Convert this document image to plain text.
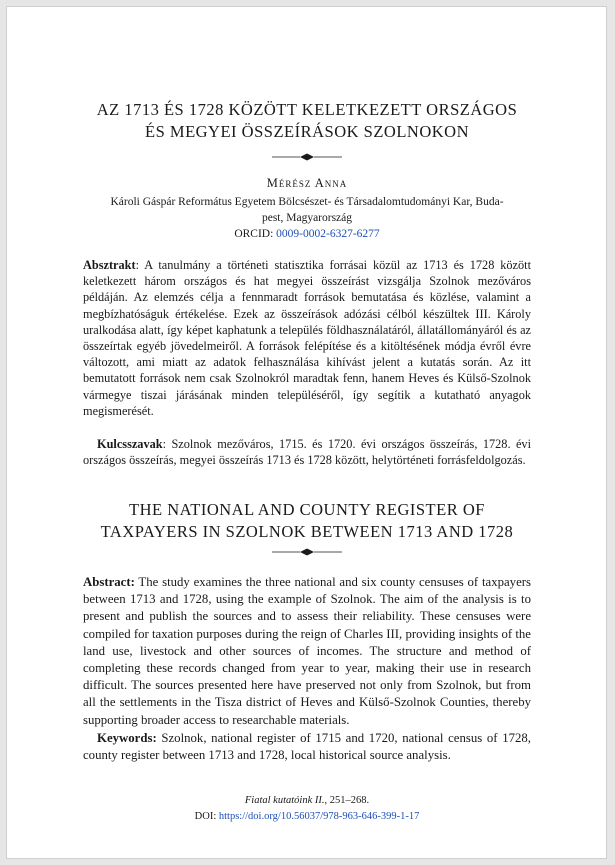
AZ 1713 ÉS 1728 KÖZÖTT KELETKEZETT ORSZÁGOS
ÉS MEGYEI ÖSSZEÍRÁSOK SZOLNOKON
Mérész Anna
Károli Gáspár Református Egyetem Bölcsészet- és Társadalomtudományi Kar, Buda-
pest, Magyarország
ORCID: 0009-0002-6327-6277
Absztrakt: A tanulmány a történeti statisztika forrásai közül az 1713 és 1728 között keletkezett három országos és hat megyei összeírást vizsgálja Szolnok mezőváros példáján. Az elemzés célja a fennmaradt források bemutatása és közlése, valamint a megbízhatóságuk értékelése. Ezek az összeírások adózási célból készültek III. Károly uralkodása alatt, így képet kaphatunk a település földhasználatáról, állatállományáról és az összeírtak egyéb jövedelmeiről. A források felépítése és a kitöltésének módja évről évre változott, ami miatt az adatok felhasználása kihívást jelent a kutatás során. Az itt bemutatott források nem csak Szolnokról maradtak fenn, hanem Heves és Külső-Szolnok vármegye tiszai járásának minden településéről, így segítik a kutatható anyagok megismerését.
Kulcsszavak: Szolnok mezőváros, 1715. és 1720. évi országos összeírás, 1728. évi országos összeírás, megyei összeírás 1713 és 1728 között, helytörténeti forrásfeldolgozás.
THE NATIONAL AND COUNTY REGISTER OF
TAXPAYERS IN SZOLNOK BETWEEN 1713 AND 1728
Abstract: The study examines the three national and six county censuses of taxpayers between 1713 and 1728, using the example of Szolnok. The aim of the analysis is to present and publish the sources and to assess their reliability. These censuses were compiled for taxation purposes during the reign of Charles III, providing insights of the land use, livestock and other sources of incomes. The structure and method of completing these records changed from year to year, making their use in research difficult. The sources presented here have preserved not only from Szolnok, but from all the settlements in the Tisza district of Heves and Külső-Szolnok Counties, thereby supporting broader access to researchable materials.
Keywords: Szolnok, national register of 1715 and 1720, national census of 1728, county register between 1713 and 1728, local historical source analysis.
Fiatal kutatóink II., 251–268.
DOI: https://doi.org/10.56037/978-963-646-399-1-17
